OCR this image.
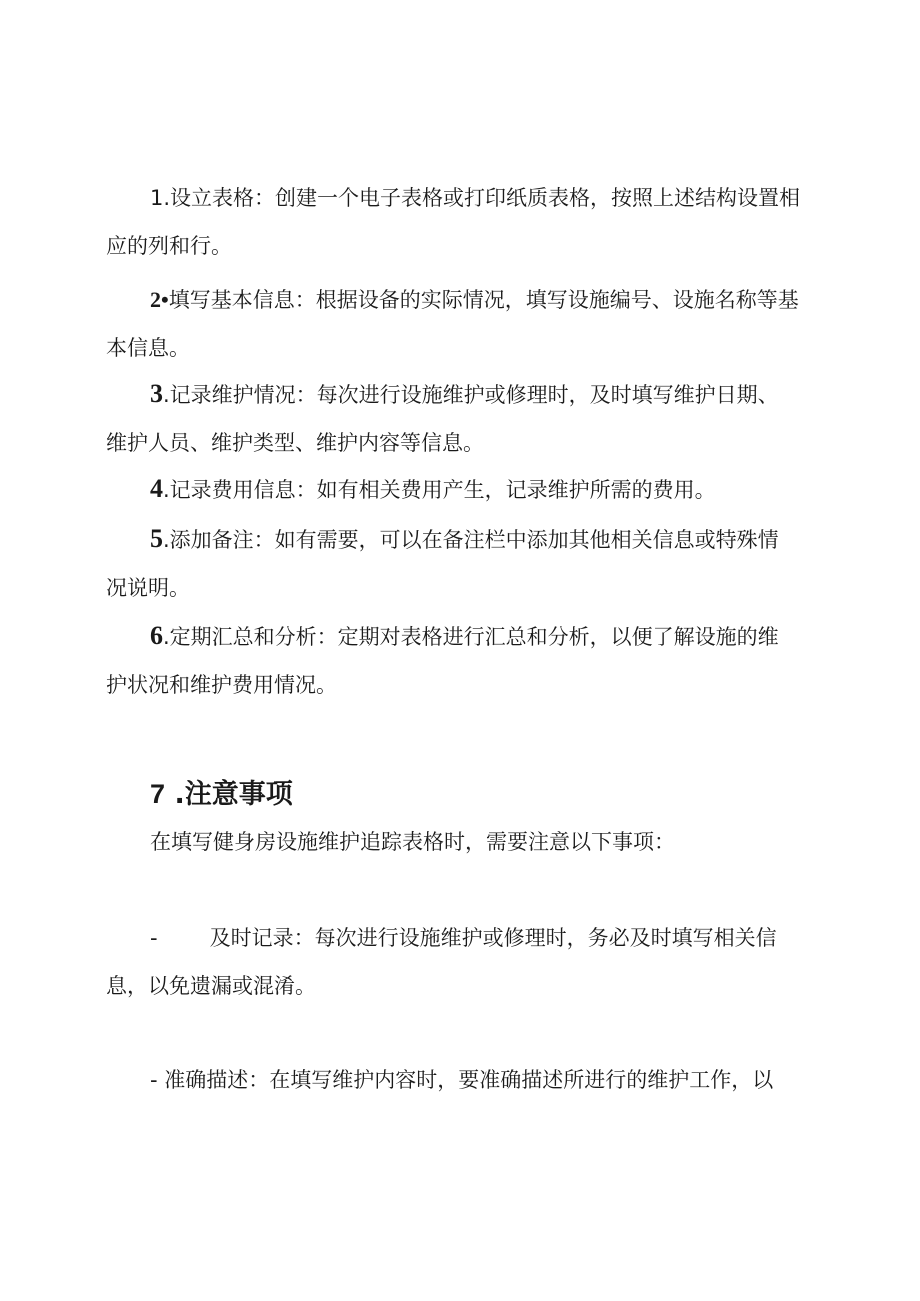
1.设立表格：创建一个电子表格或打印纸质表格，按照上述结构设置相
应的列和行。

2•填写基本信息：根据设备的实际情况，填写设施编号、设施名称等基
本信息。

3.记录维护情况：每次进行设施维护或修理时，及时填写维护日期、
维护人员、维护类型、维护内容等信息。

4.记录费用信息：如有相关费用产生，记录维护所需的费用。

5.添加备注：如有需要，可以在备注栏中添加其他相关信息或特殊情
况说明。

6.定期汇总和分析：定期对表格进行汇总和分析，以便了解设施的维
护状况和维护费用情况。

7 .注意事项

在填写健身房设施维护追踪表格时，需要注意以下事项：

- 及时记录：每次进行设施维护或修理时，务必及时填写相关信
息，以免遗漏或混淆。

- 准确描述：在填写维护内容时，要准确描述所进行的维护工作，以
